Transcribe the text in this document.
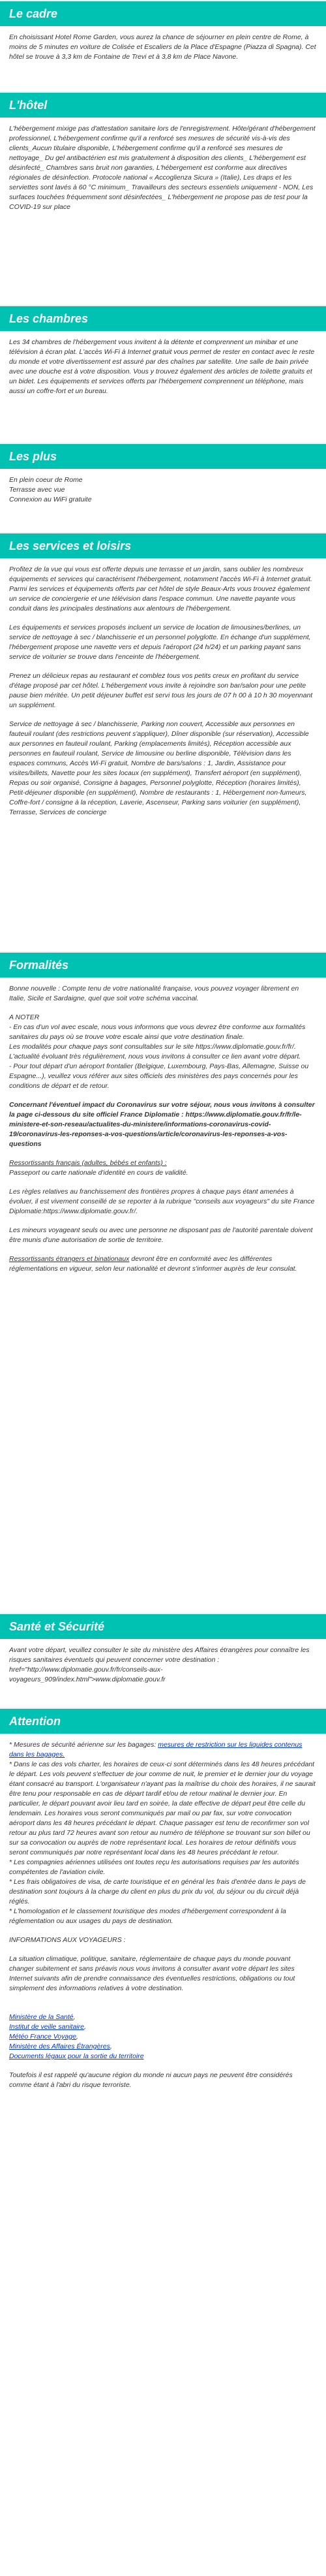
Le cadre

En choisissant Hotel Rome Garden, vous aurez la chance de séjourner en plein centre de Rome, à moins de 5 minutes en voiture de Colisée et Escaliers de la Place d'Espagne (Piazza di Spagna). Cet hôtel se trouve à 3,3 km de Fontaine de Trevi et à 3,8 km de Place Navone.

L'hôtel

L'hébergement mixige pas d'attestation sanitaire lors de l'enregistrement. Hôte/gérant d'hébergement professionnel, L'hébergement confirme qu'il a renforcé ses mesures de sécurité vis-à-vis des clients_Aucun titulaire disponible, L'hébergement confirme qu'il a renforcé ses mesures de nettoyage_ Du gel antibactérien est mis gratuitement à disposition des clients_ L'hébergement est désinfecté_ Chambres sans bruit non garanties, L'hébergement est conforme aux directives régionales de désinfection. Protocole national « Accoglienza Sicura » (Italie), Les draps et les serviettes sont lavés à 60 °C minimum_ Travailleurs des secteurs essentiels uniquement - NON, Les surfaces touchées fréquemment sont désinfectées_ L'hébergement ne propose pas de test pour la COVID-19 sur place

Les chambres

Les 34 chambres de l'hébergement vous invitent à la détente et comprennent un minibar et une télévision à écran plat. L'accès Wi-Fi à Internet gratuit vous permet de rester en contact avec le reste du monde et votre divertissement est assuré par des chaînes par satellite. Une salle de bain privée avec une douche est à votre disposition. Vous y trouvez également des articles de toilette gratuits et un bidet. Les équipements et services offerts par l'hébergement comprennent un téléphone, mais aussi un coffre-fort et un bureau.

Les plus
En plein coeur de Rome
Terrasse avec vue
Connexion au WiFi gratuite
Les services et loisirs

Profitez de la vue qui vous est offerte depuis une terrasse et un jardin, sans oublier les nombreux équipements et services qui caractérisent l'hébergement, notamment l'accès Wi-Fi à Internet gratuit. Parmi les services et équipements offerts par cet hôtel de style Beaux-Arts vous trouvez également un service de conciergerie et une télévision dans l'espace commun. Une navette payante vous conduit dans les principales destinations aux alentours de l'hébergement.

Les équipements et services proposés incluent un service de location de limousines/berlines, un service de nettoyage à sec / blanchisserie et un personnel polyglotte. En échange d'un supplément, l'hébergement propose une navette vers et depuis l'aéroport (24 h/24) et un parking payant sans service de voiturier se trouve dans l'enceinte de l'hébergement.

Prenez un délicieux repas au restaurant et comblez tous vos petits creux en profitant du service d'étage proposé par cet hôtel. L'hébergement vous invite à rejoindre son bar/salon pour une petite pause bien méritée. Un petit déjeuner buffet est servi tous les jours de 07 h 00 à 10 h 30 moyennant un supplément.

Service de nettoyage à sec / blanchisserie, Parking non couvert, Accessible aux personnes en fauteuil roulant (des restrictions peuvent s'appliquer), Dîner disponible (sur réservation), Accessible aux personnes en fauteuil roulant, Parking (emplacements limités), Réception accessible aux personnes en fauteuil roulant, Service de limousine ou berline disponible, Télévision dans les espaces communs, Accès Wi-Fi gratuit, Nombre de bars/salons : 1, Jardin, Assistance pour visites/billets, Navette pour les sites locaux (en supplément), Transfert aéroport (en supplément), Repas ou soir organisé, Consigne à bagages, Personnel polyglotte, Réception (horaires limités), Petit-déjeuner disponible (en supplément), Nombre de restaurants : 1, Hébergement non-fumeurs, Coffre-fort / consigne à la réception, Laverie, Ascenseur, Parking sans voiturier (en supplément), Terrasse, Services de concierge

Formalités

Bonne nouvelle : Compte tenu de votre nationalité française, vous pouvez voyager librement en Italie, Sicile et Sardaigne, quel que soit votre schéma vaccinal.

A NOTER
- En cas d'un vol avec escale, nous vous informons que vous devrez être conforme aux formalités sanitaires du pays où se trouve votre escale ainsi que votre destination finale.
Les modalités pour chaque pays sont consultables sur le site https://www.diplomatie.gouv.fr/fr/. L'actualité évoluant très régulièrement, nous vous invitons à consulter ce lien avant votre départ.

- Pour tout départ d'un aéroport frontalier (Belgique, Luxembourg, Pays-Bas, Allemagne, Suisse ou Espagne...), veuillez vous référer aux sites officiels des ministères des pays concernés pour les conditions de départ et de retour.

Concernant l'éventuel impact du Coronavirus sur votre séjour, nous vous invitons à consulter la page ci-dessous du site officiel France Diplomatie : https://www.diplomatie.gouv.fr/fr/le-ministere-et-son-reseau/actualites-du-ministere/informations-coronavirus-covid-19/coronavirus-les-reponses-a-vos-questions/article/coronavirus-les-reponses-a-vos-questions

Ressortissants français (adultes, bébés et enfants) :

Passeport ou carte nationale d'identité en cours de validité.

Les règles relatives au franchissement des frontières propres à chaque pays étant amenées à évoluer, il est vivement conseillé de se reporter à la rubrique "conseils aux voyageurs" du site France Diplomatie:https://www.diplomatie.gouv.fr/.

Les mineurs voyageant seuls ou avec une personne ne disposant pas de l'autorité parentale doivent être munis d'une autorisation de sortie de territoire.

Ressortissants étrangers et binationaux devront être en conformité avec les différentes réglementations en vigueur, selon leur nationalité et devront s'informer auprès de leur consulat.

Santé et Sécurité

Avant votre départ, veuillez consulter le site du ministère des Affaires étrangères pour connaître les risques sanitaires éventuels qui peuvent concerner votre destination : href="http://www.diplomatie.gouv.fr/fr/conseils-aux-voyageurs_909/index.html">www.diplomatie.gouv.fr

Attention
* Mesures de sécurité aérienne sur les bagages: mesures de restriction sur les liquides contenus dans les bagages.
* Dans le cas des vols charter, les horaires de ceux-ci sont déterminés dans les 48 heures précédant le départ. Les vols peuvent s'effectuer de jour comme de nuit, le premier et le dernier jour du voyage étant consacré au transport. L'organisateur n'ayant pas la maîtrise du choix des horaires, il ne saurait être tenu pour responsable en cas de départ tardif et/ou de retour matinal le dernier jour. En particulier, le départ pouvant avoir lieu tard en soirée, la date effective de départ peut être celle du lendemain. Les horaires vous seront communiqués par mail ou par fax, sur votre convocation aéroport dans les 48 heures précédant le départ. Chaque passager est tenu de reconfirmer son vol retour au plus tard 72 heures avant son retour au numéro de téléphone se trouvant sur son billet ou sur sa convocation ou auprès de notre représentant local. Les horaires de retour définitifs vous seront communiqués par notre représentant local dans les 48 heures précédant le retour.
* Les compagnies aériennes utilisées ont toutes reçu les autorisations requises par les autorités compétentes de l'aviation civile.
* Les frais obligatoires de visa, de carte touristique et en général les frais d'entrée dans le pays de destination sont toujours à la charge du client en plus du prix du vol, du séjour ou du circuit déjà réglés.

* L'homologation et le classement touristique des modes d'hébergement correspondent à la réglementation ou aux usages du pays de destination.

INFORMATIONS AUX VOYAGEURS :

La situation climatique, politique, sanitaire, réglementaire de chaque pays du monde pouvant changer subitement et sans préavis nous vous invitons à consulter avant votre départ les sites Internet suivants afin de prendre connaissance des éventuelles restrictions, obligations ou tout simplement des informations relatives à votre destination.

Ministère de la Santé,
Institut de veille sanitaire,
Météo France Voyage,
Ministère des Affaires Étrangères,
Documents légaux pour la sortie du territoire

Toutefois il est rappelé qu'aucune région du monde ni aucun pays ne peuvent être considérés comme étant à l'abri du risque terroriste.
